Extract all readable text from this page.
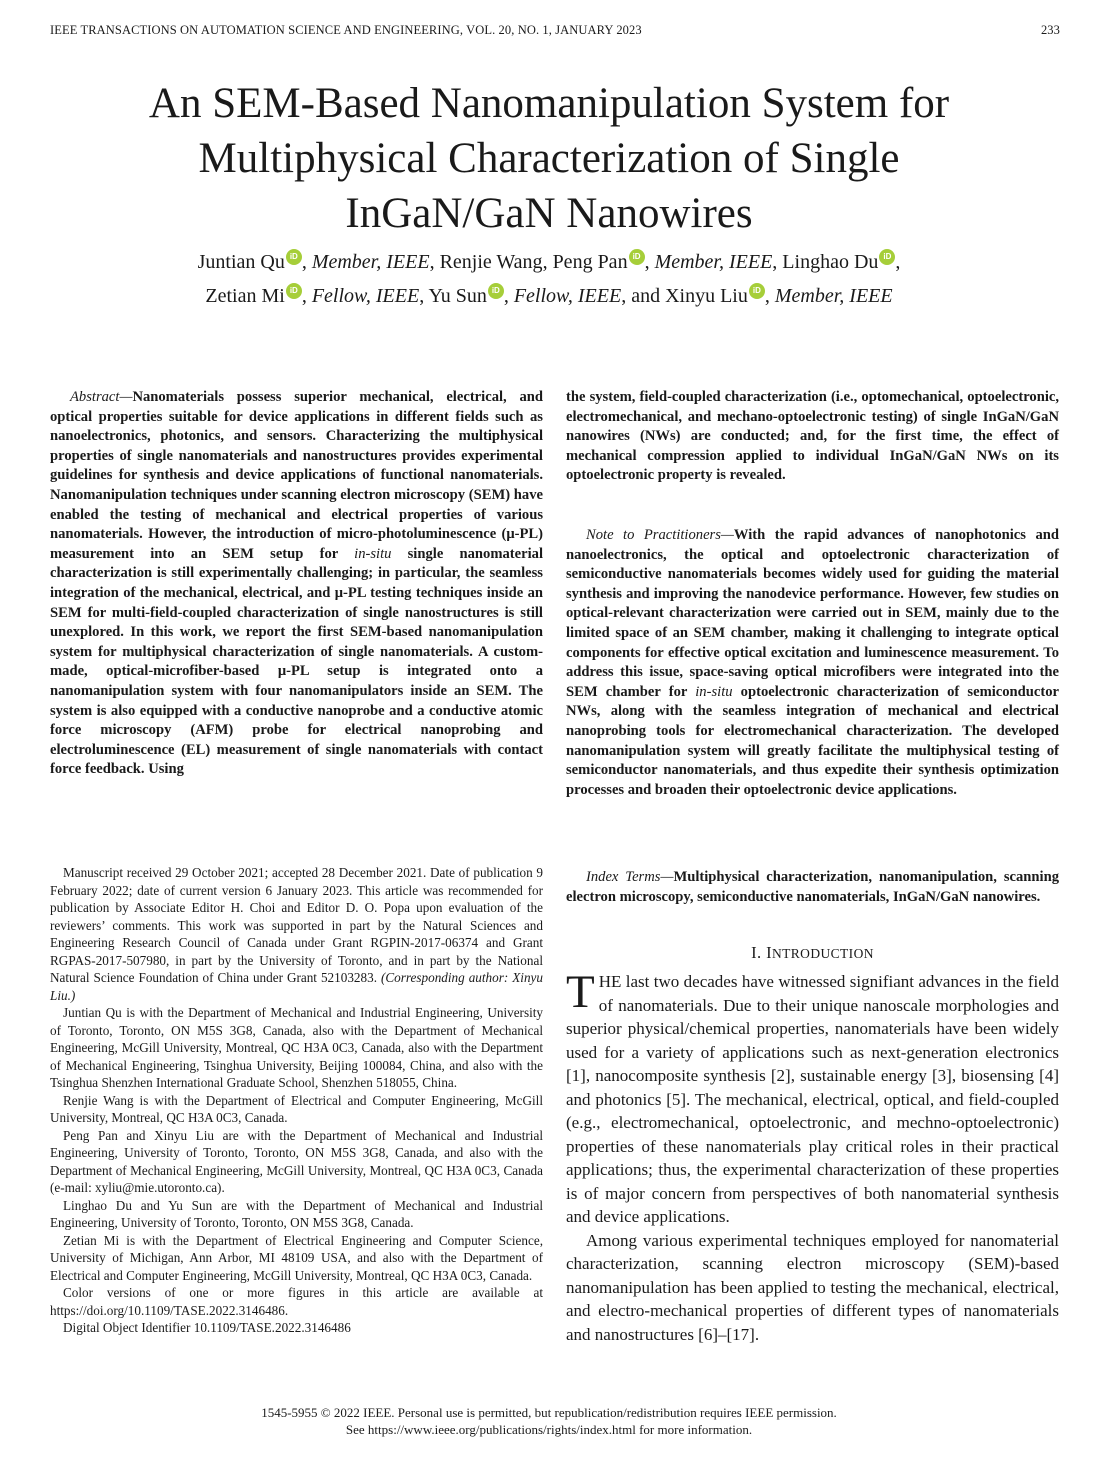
IEEE TRANSACTIONS ON AUTOMATION SCIENCE AND ENGINEERING, VOL. 20, NO. 1, JANUARY 2023	233
An SEM-Based Nanomanipulation System for
Multiphysical Characterization of Single
InGaN/GaN Nanowires
Juntian Qu iD , Member, IEEE, Renjie Wang, Peng Pan iD , Member, IEEE, Linghao Du iD ,
Zetian Mi iD , Fellow, IEEE, Yu Sun iD , Fellow, IEEE, and Xinyu Liu iD , Member, IEEE

Abstract—Nanomaterials possess superior mechanical, electrical, and optical properties suitable for device applications in different fields such as nanoelectronics, photonics, and sensors. Characterizing the multiphysical properties of single nanomaterials and nanostructures provides experimental guidelines for synthesis and device applications of functional nanomaterials. Nanomanipulation techniques under scanning electron microscopy (SEM) have enabled the testing of mechanical and electrical properties of various nanomaterials. However, the introduction of micro-photoluminescence (μ-PL) measurement into an SEM setup for in-situ single nanomaterial characterization is still experimentally challenging; in particular, the seamless integration of the mechanical, electrical, and μ-PL testing techniques inside an SEM for multi-field-coupled characterization of single nanostructures is still unexplored. In this work, we report the first SEM-based nanomanipulation system for multiphysical characterization of single nanomaterials. A custom-made, optical-microfiber-based μ-PL setup is integrated onto a nanomanipulation system with four nanomanipulators inside an SEM. The system is also equipped with a conductive nanoprobe and a conductive atomic force microscopy (AFM) probe for electrical nanoprobing and electroluminescence (EL) measurement of single nanomaterials with contact force feedback. Using

Manuscript received 29 October 2021; accepted 28 December 2021. Date of publication 9 February 2022; date of current version 6 January 2023. This article was recommended for publication by Associate Editor H. Choi and Editor D. O. Popa upon evaluation of the reviewers’ comments. This work was supported in part by the Natural Sciences and Engineering Research Council of Canada under Grant RGPIN-2017-06374 and Grant RGPAS-2017-507980, in part by the University of Toronto, and in part by the National Natural Science Foundation of China under Grant 52103283. (Corresponding author: Xinyu Liu.)

Juntian Qu is with the Department of Mechanical and Industrial Engineering, University of Toronto, Toronto, ON M5S 3G8, Canada, also with the Department of Mechanical Engineering, McGill University, Montreal, QC H3A 0C3, Canada, also with the Department of Mechanical Engineering, Tsinghua University, Beijing 100084, China, and also with the Tsinghua Shenzhen International Graduate School, Shenzhen 518055, China.

Renjie Wang is with the Department of Electrical and Computer Engineering, McGill University, Montreal, QC H3A 0C3, Canada.

Peng Pan and Xinyu Liu are with the Department of Mechanical and Industrial Engineering, University of Toronto, Toronto, ON M5S 3G8, Canada, and also with the Department of Mechanical Engineering, McGill University, Montreal, QC H3A 0C3, Canada (e-mail: xyliu@mie.utoronto.ca).

Linghao Du and Yu Sun are with the Department of Mechanical and Industrial Engineering, University of Toronto, Toronto, ON M5S 3G8, Canada.

Zetian Mi is with the Department of Electrical Engineering and Computer Science, University of Michigan, Ann Arbor, MI 48109 USA, and also with the Department of Electrical and Computer Engineering, McGill University, Montreal, QC H3A 0C3, Canada.

Color versions of one or more figures in this article are available at https://doi.org/10.1109/TASE.2022.3146486.

Digital Object Identifier 10.1109/TASE.2022.3146486

the system, field-coupled characterization (i.e., optomechanical, optoelectronic, electromechanical, and mechano-optoelectronic testing) of single InGaN/GaN nanowires (NWs) are conducted; and, for the first time, the effect of mechanical compression applied to individual InGaN/GaN NWs on its optoelectronic property is revealed.

Note to Practitioners—With the rapid advances of nanophotonics and nanoelectronics, the optical and optoelectronic characterization of semiconductive nanomaterials becomes widely used for guiding the material synthesis and improving the nanodevice performance. However, few studies on optical-relevant characterization were carried out in SEM, mainly due to the limited space of an SEM chamber, making it challenging to integrate optical components for effective optical excitation and luminescence measurement. To address this issue, space-saving optical microfibers were integrated into the SEM chamber for in-situ optoelectronic characterization of semiconductor NWs, along with the seamless integration of mechanical and electrical nanoprobing tools for electromechanical characterization. The developed nanomanipulation system will greatly facilitate the multiphysical testing of semiconductor nanomaterials, and thus expedite their synthesis optimization processes and broaden their optoelectronic device applications.

Index Terms—Multiphysical characterization, nanomanipulation, scanning electron microscopy, semiconductive nanomaterials, InGaN/GaN nanowires.

I. INTRODUCTION

THE last two decades have witnessed signifiant advances in the field of nanomaterials. Due to their unique nanoscale morphologies and superior physical/chemical properties, nanomaterials have been widely used for a variety of applications such as next-generation electronics [1], nanocomposite synthesis [2], sustainable energy [3], biosensing [4] and photonics [5]. The mechanical, electrical, optical, and field-coupled (e.g., electromechanical, optoelectronic, and mechno-optoelectronic) properties of these nanomaterials play critical roles in their practical applications; thus, the experimental characterization of these properties is of major concern from perspectives of both nanomaterial synthesis and device applications.

Among various experimental techniques employed for nanomaterial characterization, scanning electron microscopy (SEM)-based nanomanipulation has been applied to testing the mechanical, electrical, and electro-mechanical properties of different types of nanomaterials and nanostructures [6]–[17].

1545-5955 © 2022 IEEE. Personal use is permitted, but republication/redistribution requires IEEE permission.
See https://www.ieee.org/publications/rights/index.html for more information.
